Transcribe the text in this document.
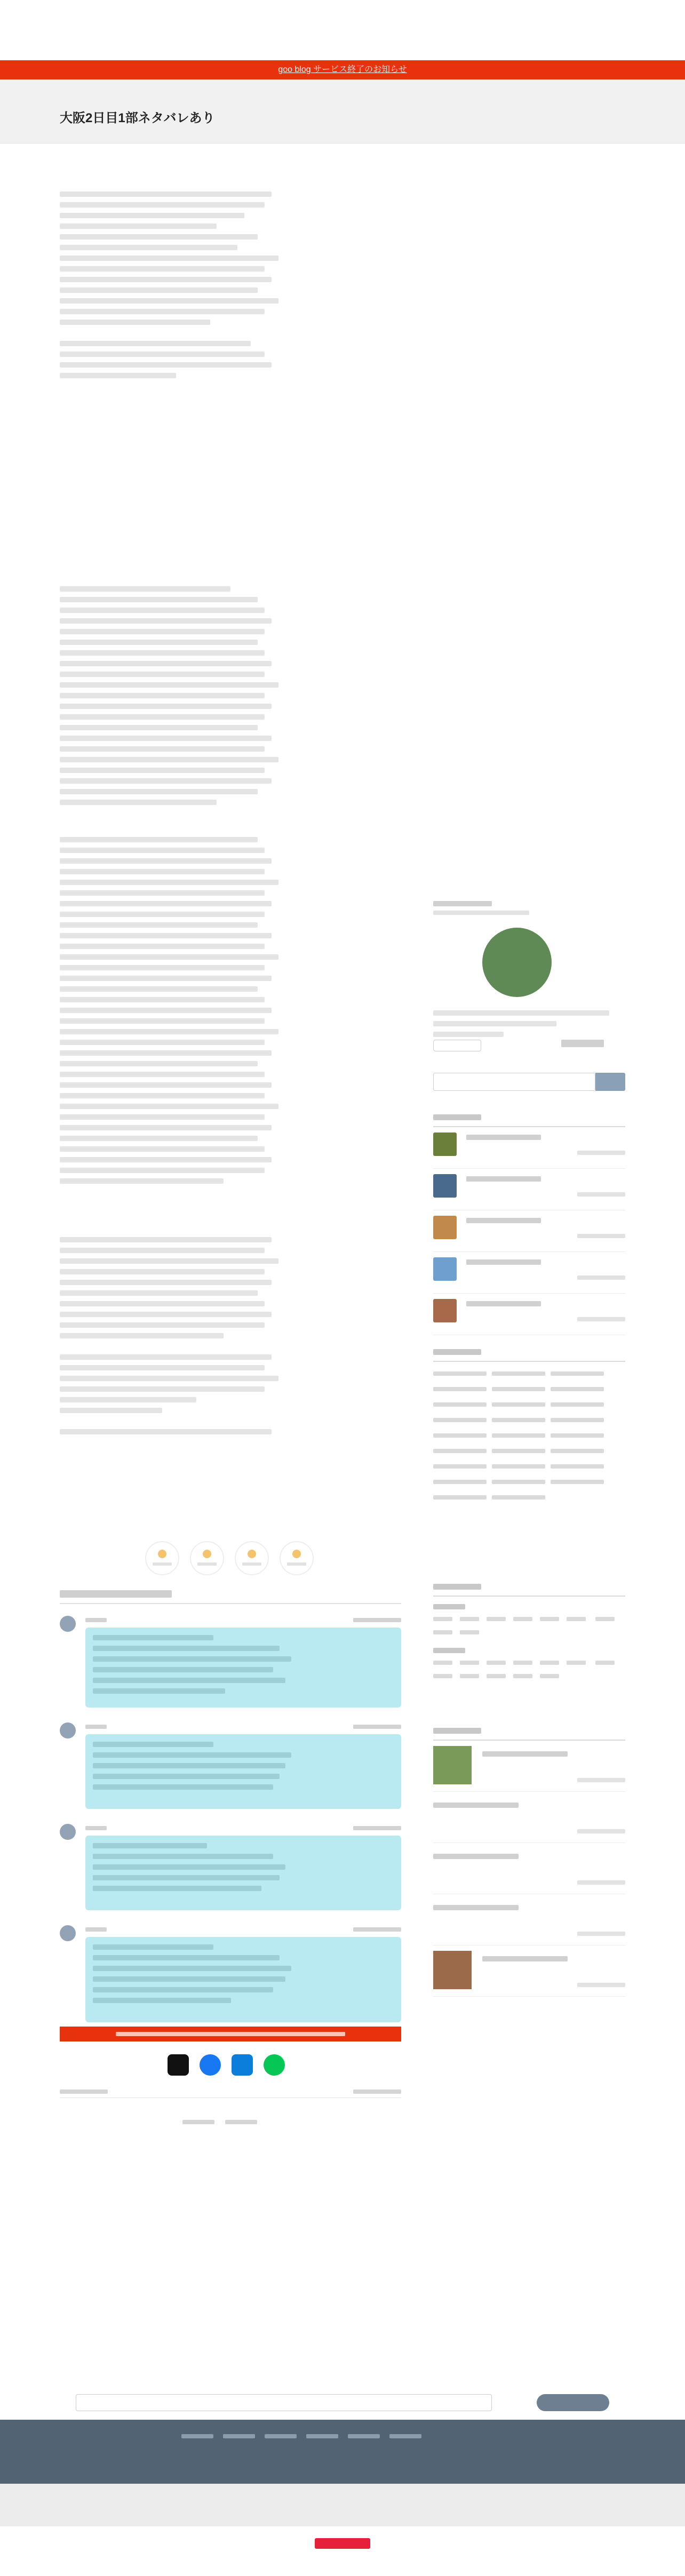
goo blog サービス終了のお知らせ
大阪2日目1部ネタバレあり
